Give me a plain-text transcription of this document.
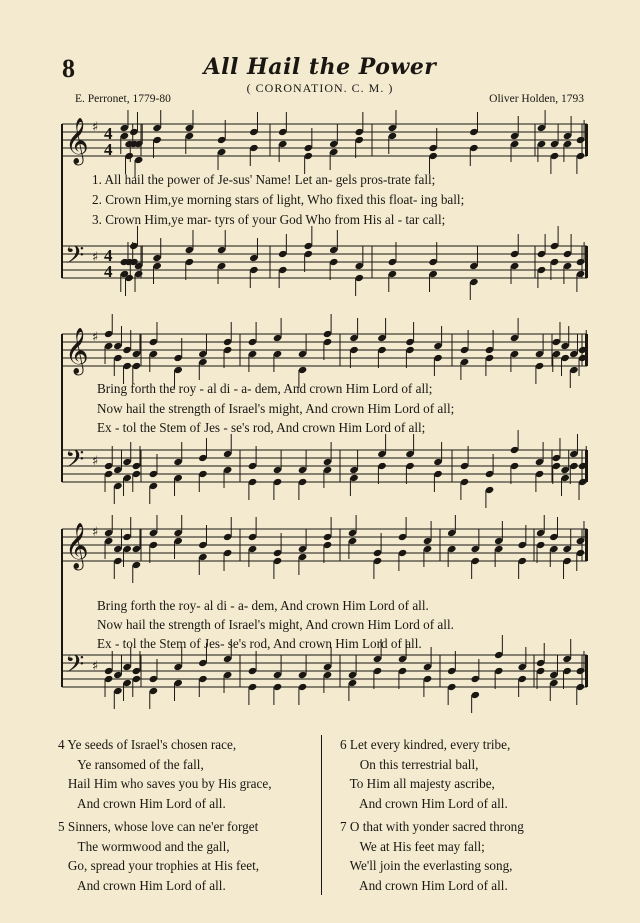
8	All Hail the Power
( CORONATION. C. M. )
E. Perronet, 1779-80	Oliver Holden, 1793
𝄞 ♯ 4
4
𝄢 ♯ 4
4
1. All hail the power of Je-sus' Name! Let an- gels pros-trate fall;
2. Crown Him,ye morning stars of light, Who fixed this float- ing ball;
3. Crown Him,ye mar- tyrs of your God Who from His al - tar call;
𝄞 ♯
𝄢 ♯
Bring forth the roy - al di - a- dem, And crown Him Lord of all;
Now hail the strength of Israel's might, And crown Him Lord of all;
Ex - tol the Stem of Jes - se's rod, And crown Him Lord of all;
𝄞 ♯
𝄢 ♯
Bring forth the roy- al di - a- dem, And crown Him Lord of all.
Now hail the strength of Israel's might, And crown Him Lord of all.
Ex - tol the Stem of Jes- se's rod, And crown Him Lord of all.
4 Ye seeds of Israel's chosen race,
Ye ransomed of the fall,
Hail Him who saves you by His grace,
And crown Him Lord of all.
5 Sinners, whose love can ne'er forget
The wormwood and the gall,
Go, spread your trophies at His feet,
And crown Him Lord of all.
6 Let every kindred, every tribe,
On this terrestrial ball,
To Him all majesty ascribe,
And crown Him Lord of all.
7 O that with yonder sacred throng
We at His feet may fall;
We'll join the everlasting song,
And crown Him Lord of all.
